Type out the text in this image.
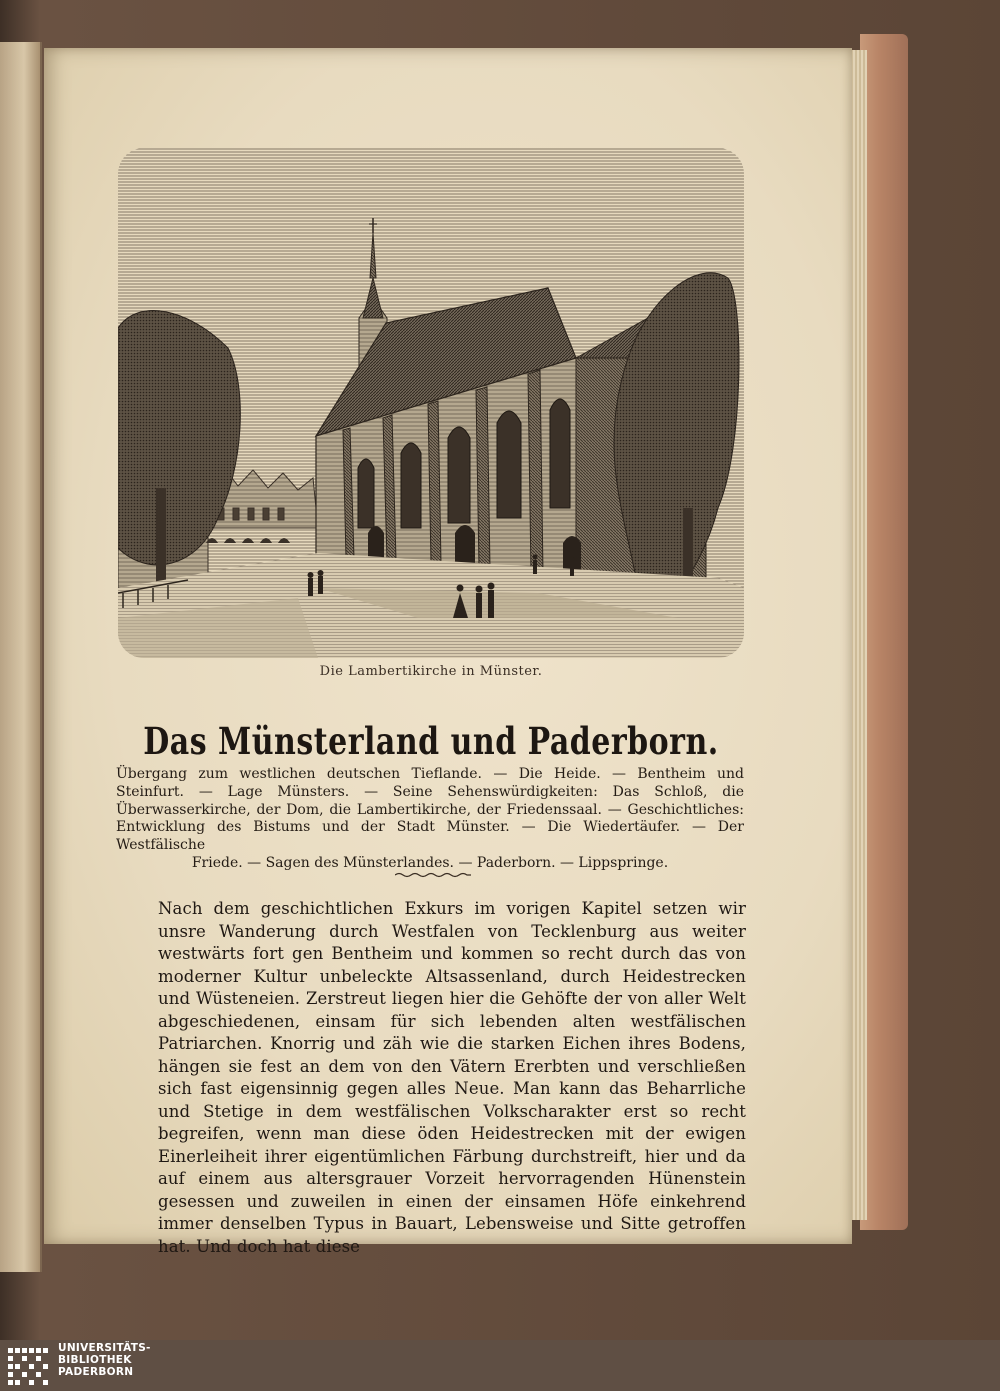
Die Lambertikirche in Münster.
Das Münsterland und Paderborn.
Übergang zum westlichen deutschen Tieflande. — Die Heide. — Bentheim und Steinfurt. — Lage Münsters. — Seine Sehenswürdigkeiten: Das Schloß, die Überwasserkirche, der Dom, die Lambertikirche, der Friedenssaal. — Geschichtliches: Entwicklung des Bistums und der Stadt Münster. — Die Wiedertäufer. — Der Westfälische
Friede. — Sagen des Münsterlandes. — Paderborn. — Lippspringe.
Nach dem geschichtlichen Exkurs im vorigen Kapitel setzen wir unsre Wanderung durch Westfalen von Tecklenburg aus weiter westwärts fort gen Bentheim und kommen so recht durch das von moderner Kultur unbeleckte Altsassenland, durch Heidestrecken und Wüsteneien. Zerstreut liegen hier die Gehöfte der von aller Welt abgeschiedenen, einsam für sich lebenden alten westfälischen Patriarchen. Knorrig und zäh wie die starken Eichen ihres Bodens, hängen sie fest an dem von den Vätern Ererbten und verschließen sich fast eigensinnig gegen alles Neue. Man kann das Beharrliche und Stetige in dem westfälischen Volkscharakter erst so recht begreifen, wenn man diese öden Heidestrecken mit der ewigen Einerleiheit ihrer eigentümlichen Färbung durchstreift, hier und da auf einem aus altersgrauer Vorzeit hervorragenden Hünenstein gesessen und zuweilen in einen der einsamen Höfe einkehrend immer denselben Typus in Bauart, Lebensweise und Sitte getroffen hat. Und doch hat diese
UNIVERSITÄTS-
BIBLIOTHEK
PADERBORN
